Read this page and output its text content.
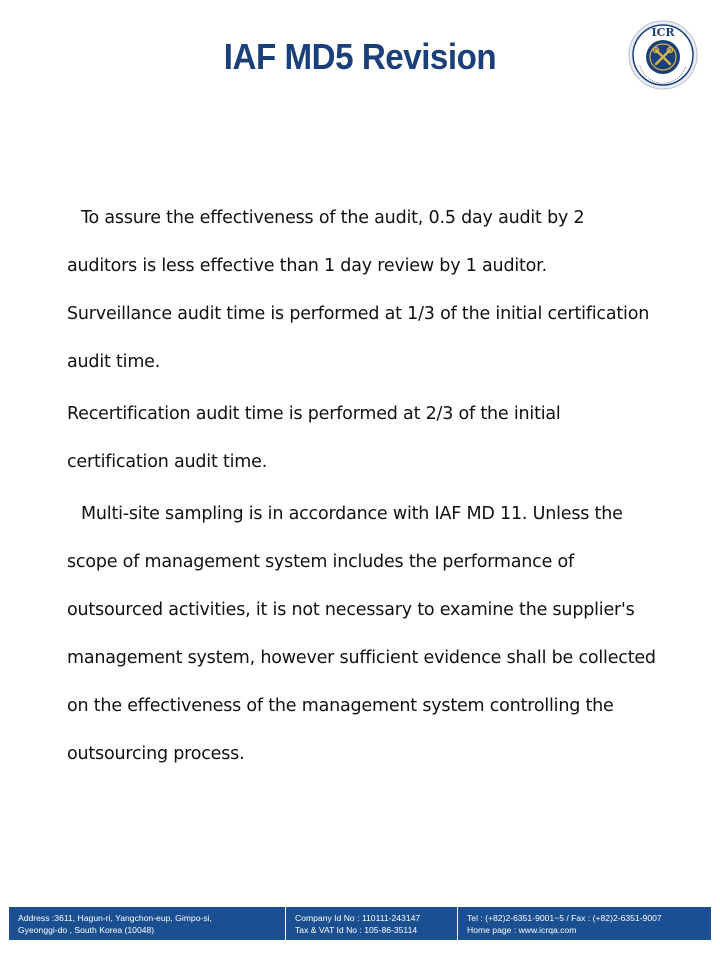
IAF MD5 Revision
ICR

To assure the effectiveness of the audit, 0.5 day audit by 2 auditors is less effective than 1 day review by 1 auditor. Surveillance audit time is performed at 1/3 of the initial certification audit time.

Recertification audit time is performed at 2/3 of the initial certification audit time.

Multi-site sampling is in accordance with IAF MD 11. Unless the scope of management system includes the performance of outsourced activities, it is not necessary to examine the supplier's management system, however sufficient evidence shall be collected on the effectiveness of the management system controlling the outsourcing process.

Address :3611, Hagun-ri, Yangchon-eup, Gimpo-si,
Gyeonggi-do , South Korea (10048)
Company Id No : 110111-243147
Tax & VAT Id No : 105-86-35114
Tel : (+82)2-6351-9001~5 / Fax : (+82)2-6351-9007
Home page : www.icrqa.com
